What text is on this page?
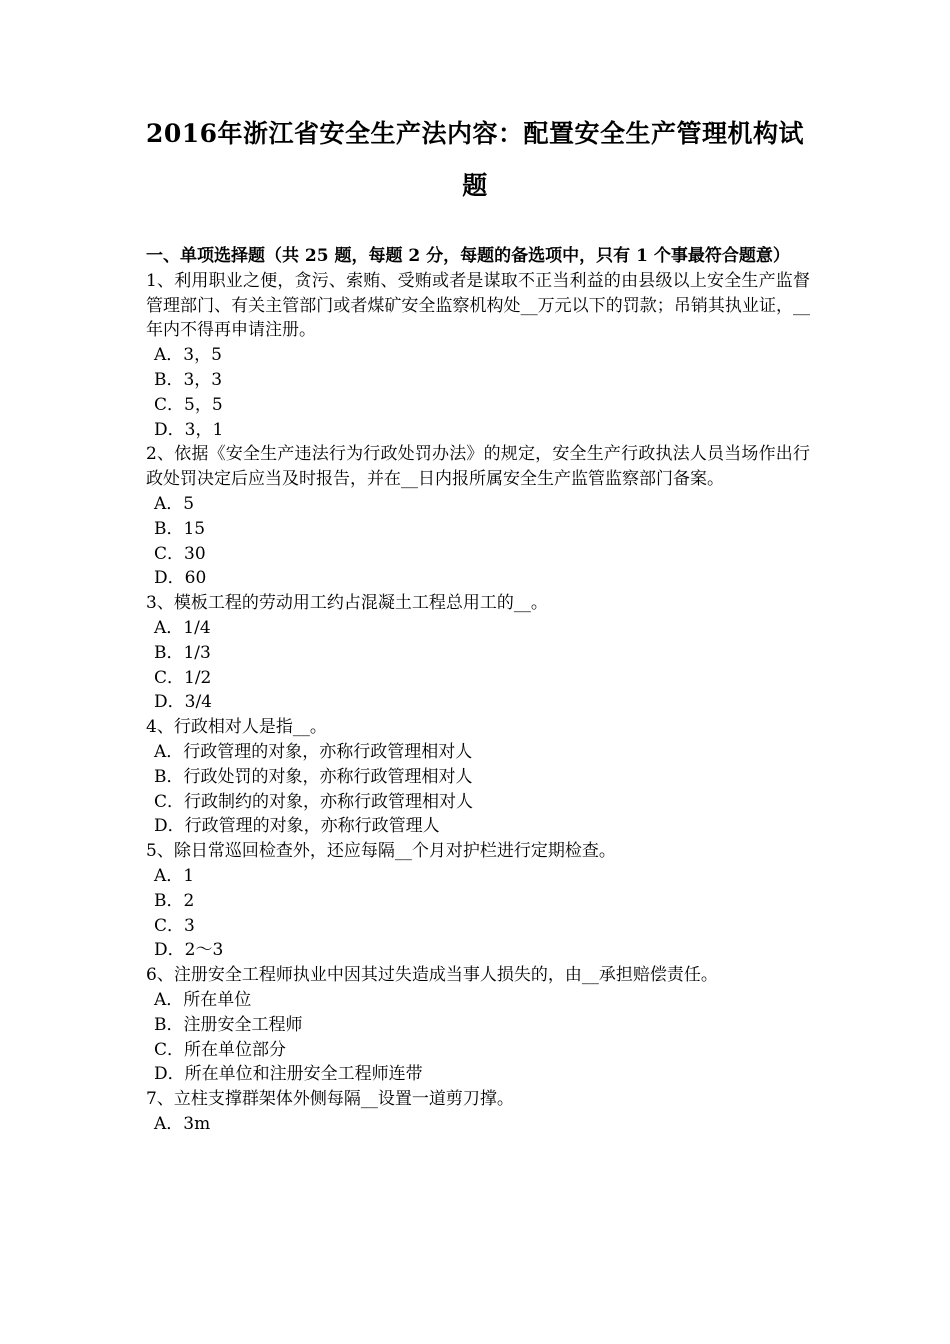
2016年浙江省安全生产法内容：配置安全生产管理机构试
题
一、单项选择题（共 25 题，每题 2 分，每题的备选项中，只有 1 个事最符合题意）
1、利用职业之便，贪污、索贿、受贿或者是谋取不正当利益的由县级以上安全生产监督管理部门、有关主管部门或者煤矿安全监察机构处__万元以下的罚款；吊销其执业证，__年内不得再申请注册。
A．3，5
B．3，3
C．5，5
D．3，1
2、依据《安全生产违法行为行政处罚办法》的规定，安全生产行政执法人员当场作出行政处罚决定后应当及时报告，并在__日内报所属安全生产监管监察部门备案。
A．5
B．15
C．30
D．60
3、模板工程的劳动用工约占混凝土工程总用工的__。
A．1/4
B．1/3
C．1/2
D．3/4
4、行政相对人是指__。
A．行政管理的对象，亦称行政管理相对人
B．行政处罚的对象，亦称行政管理相对人
C．行政制约的对象，亦称行政管理相对人
D．行政管理的对象，亦称行政管理人
5、除日常巡回检查外，还应每隔__个月对护栏进行定期检查。
A．1
B．2
C．3
D．2～3
6、注册安全工程师执业中因其过失造成当事人损失的，由__承担赔偿责任。
A．所在单位
B．注册安全工程师
C．所在单位部分
D．所在单位和注册安全工程师连带
7、立柱支撑群架体外侧每隔__设置一道剪刀撑。
A．3m
